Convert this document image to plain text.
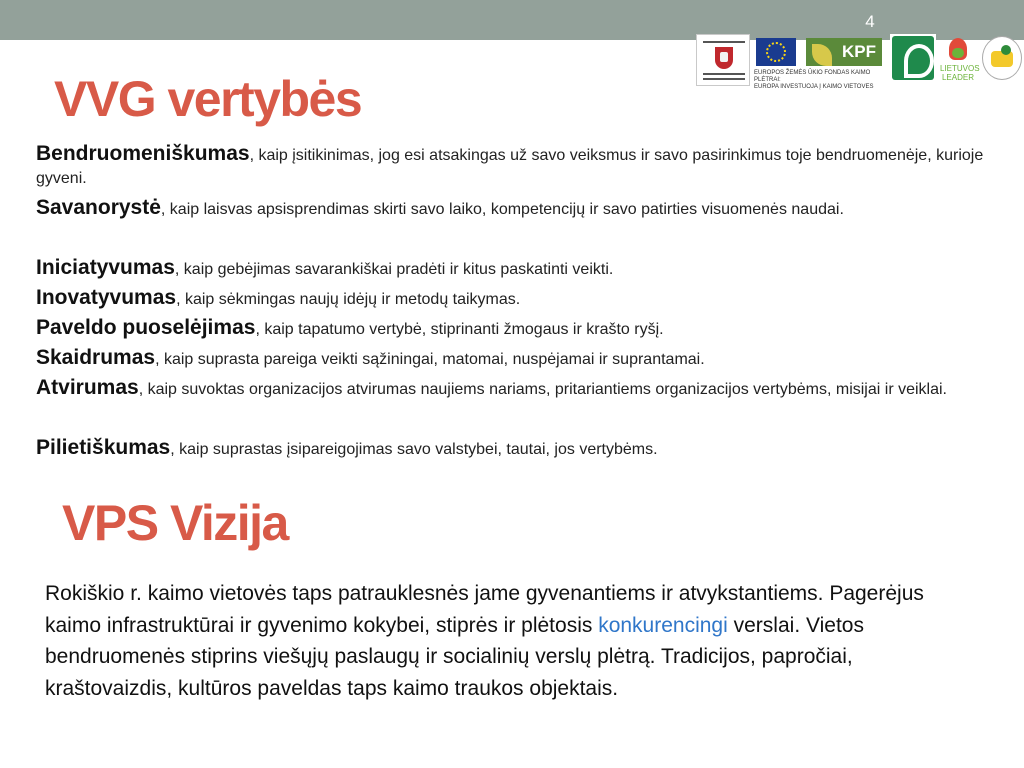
4
KPF
EUROPOS ŽEMĖS ŪKIO FONDAS KAIMO PLĖTRAI:
EUROPA INVESTUOJA Į KAIMO VIETOVES
LIETUVOS LEADER
VVG vertybės
Bendruomeniškumas, kaip įsitikinimas, jog esi atsakingas už savo veiksmus ir savo pasirinkimus toje bendruomenėje, kurioje gyveni.
Savanorystė, kaip laisvas apsisprendimas skirti savo laiko, kompetencijų ir savo patirties visuomenės naudai.
Iniciatyvumas, kaip gebėjimas savarankiškai pradėti ir kitus paskatinti veikti.
Inovatyvumas, kaip sėkmingas naujų idėjų ir metodų taikymas.
Paveldo puoselėjimas, kaip tapatumo vertybė, stiprinanti žmogaus ir krašto ryšį.
Skaidrumas, kaip suprasta pareiga veikti sąžiningai, matomai, nuspėjamai ir suprantamai.
Atvirumas, kaip suvoktas organizacijos atvirumas naujiems nariams, pritariantiems organizacijos vertybėms, misijai ir veiklai.
Pilietiškumas, kaip suprastas įsipareigojimas savo valstybei, tautai, jos vertybėms.
VPS Vizija

Rokiškio r. kaimo vietovės taps patrauklesnės jame gyvenantiems ir atvykstantiems. Pagerėjus kaimo infrastruktūrai ir gyvenimo kokybei, stiprės ir plėtosis konkurencingi verslai. Vietos bendruomenės stiprins viešųjų paslaugų ir socialinių verslų plėtrą. Tradicijos, papročiai, kraštovaizdis, kultūros paveldas taps kaimo traukos objektais.
